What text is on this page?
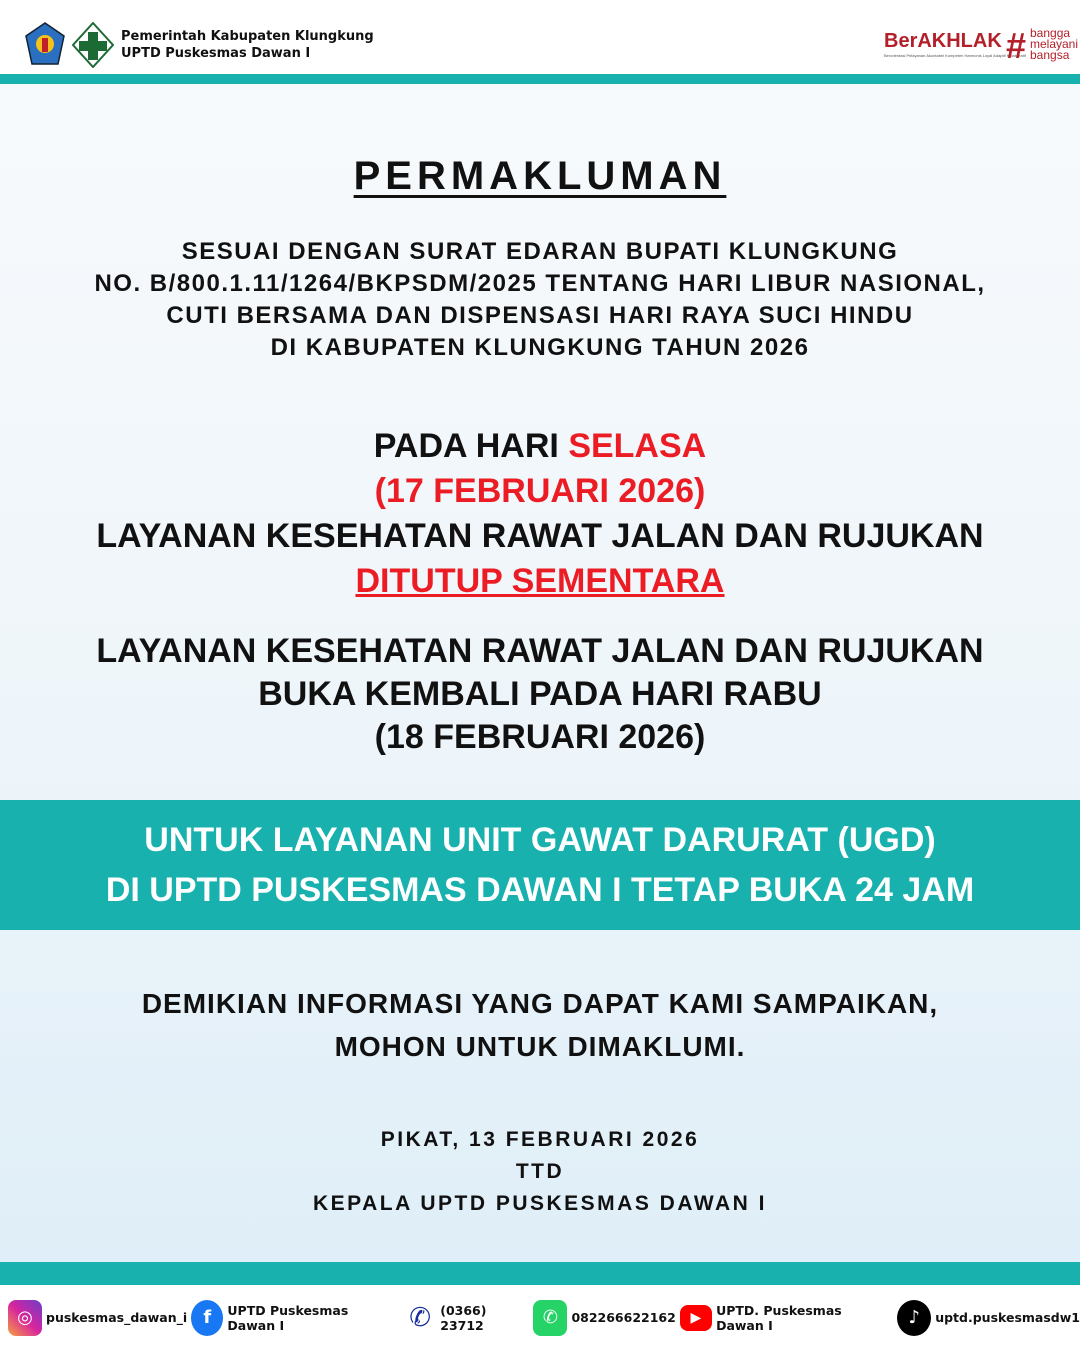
Pemerintah Kabupaten Klungkung
UPTD Puskesmas Dawan I
BerAKHLAK
Berorientasi Pelayanan Akuntabel Kompeten Harmonis Loyal Adaptif Kolaboratif
# bangga
melayani
bangsa
PERMAKLUMAN
SESUAI DENGAN SURAT EDARAN BUPATI KLUNGKUNG
NO. B/800.1.11/1264/BKPSDM/2025 TENTANG HARI LIBUR NASIONAL,
CUTI BERSAMA DAN DISPENSASI HARI RAYA SUCI HINDU
DI KABUPATEN KLUNGKUNG TAHUN 2026
PADA HARI SELASA
(17 FEBRUARI 2026)
LAYANAN KESEHATAN RAWAT JALAN DAN RUJUKAN
DITUTUP SEMENTARA
LAYANAN KESEHATAN RAWAT JALAN DAN RUJUKAN
BUKA KEMBALI PADA HARI RABU
(18 FEBRUARI 2026)
UNTUK LAYANAN UNIT GAWAT DARURAT (UGD)
DI UPTD PUSKESMAS DAWAN I TETAP BUKA 24 JAM
DEMIKIAN INFORMASI YANG DAPAT KAMI SAMPAIKAN,
MOHON UNTUK DIMAKLUMI.
PIKAT, 13 FEBRUARI 2026
TTD
KEPALA UPTD PUSKESMAS DAWAN I
◎	puskesmas_dawan_i f	UPTD Puskesmas Dawan I	✆ (0366) 23712	✆	082266622162	▶	UPTD. Puskesmas Dawan I	♪	uptd.puskesmasdw1
